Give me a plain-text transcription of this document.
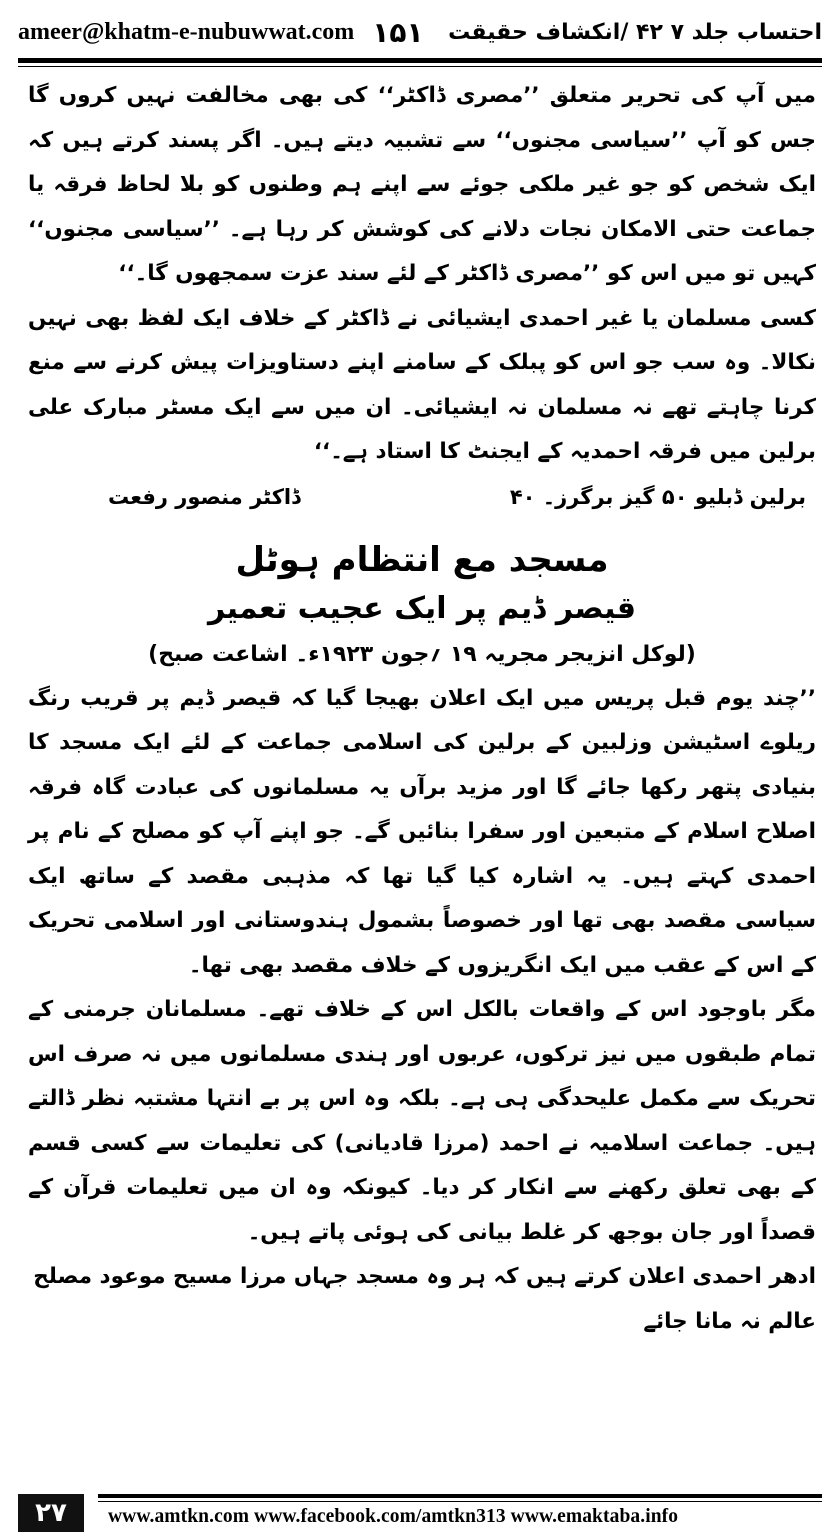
ameer@khatm-e-nubuwwat.com ۱۵۱ احتساب جلد ۷ ۴۲ /انکشاف حقیقت

میں آپ کی تحریر متعلق ’’مصری ڈاکٹر‘‘ کی بھی مخالفت نہیں کروں گا جس کو آپ ’’سیاسی مجنوں‘‘ سے تشبیہ دیتے ہیں۔ اگر پسند کرتے ہیں کہ ایک شخص کو جو غیر ملکی جوئے سے اپنے ہم وطنوں کو بلا لحاظ فرقہ یا جماعت حتی الامکان نجات دلانے کی کوشش کر رہا ہے۔ ’’سیاسی مجنوں‘‘ کہیں تو میں اس کو ’’مصری ڈاکٹر کے لئے سند عزت سمجھوں گا۔‘‘

کسی مسلمان یا غیر احمدی ایشیائی نے ڈاکٹر کے خلاف ایک لفظ بھی نہیں نکالا۔ وہ سب جو اس کو پبلک کے سامنے اپنے دستاویزات پیش کرنے سے منع کرنا چاہتے تھے نہ مسلمان نہ ایشیائی۔ ان میں سے ایک مسٹر مبارک علی برلین میں فرقہ احمدیہ کے ایجنٹ کا استاد ہے۔‘‘

برلین ڈبلیو ۵۰ گیز برگرز۔ ۴۰
ڈاکٹر منصور رفعت
مسجد مع انتظام ہوٹل
قیصر ڈیم پر ایک عجیب تعمیر
(لوکل انزیجر مجریہ ۱۹ ؍جون ۱۹۲۳ء۔ اشاعت صبح)

’’چند یوم قبل پریس میں ایک اعلان بھیجا گیا کہ قیصر ڈیم پر قریب رنگ ریلوے اسٹیشن وزلبین کے برلین کی اسلامی جماعت کے لئے ایک مسجد کا بنیادی پتھر رکھا جائے گا اور مزید برآں یہ مسلمانوں کی عبادت گاہ فرقہ اصلاح اسلام کے متبعین اور سفرا بنائیں گے۔ جو اپنے آپ کو مصلح کے نام پر احمدی کہتے ہیں۔ یہ اشارہ کیا گیا تھا کہ مذہبی مقصد کے ساتھ ایک سیاسی مقصد بھی تھا اور خصوصاً بشمول ہندوستانی اور اسلامی تحریک کے اس کے عقب میں ایک انگریزوں کے خلاف مقصد بھی تھا۔

مگر باوجود اس کے واقعات بالکل اس کے خلاف تھے۔ مسلمانان جرمنی کے تمام طبقوں میں نیز ترکوں، عربوں اور ہندی مسلمانوں میں نہ صرف اس تحریک سے مکمل علیحدگی ہی ہے۔ بلکہ وہ اس پر بے انتہا مشتبہ نظر ڈالتے ہیں۔ جماعت اسلامیہ نے احمد (مرزا قادیانی) کی تعلیمات سے کسی قسم کے بھی تعلق رکھنے سے انکار کر دیا۔ کیونکہ وہ ان میں تعلیمات قرآن کے قصداً اور جان بوجھ کر غلط بیانی کی ہوئی پاتے ہیں۔

ادھر احمدی اعلان کرتے ہیں کہ ہر وہ مسجد جہاں مرزا مسیح موعود مصلح عالم نہ مانا جائے

۲۷	www.amtkn.com www.facebook.com/amtkn313 www.emaktaba.info
